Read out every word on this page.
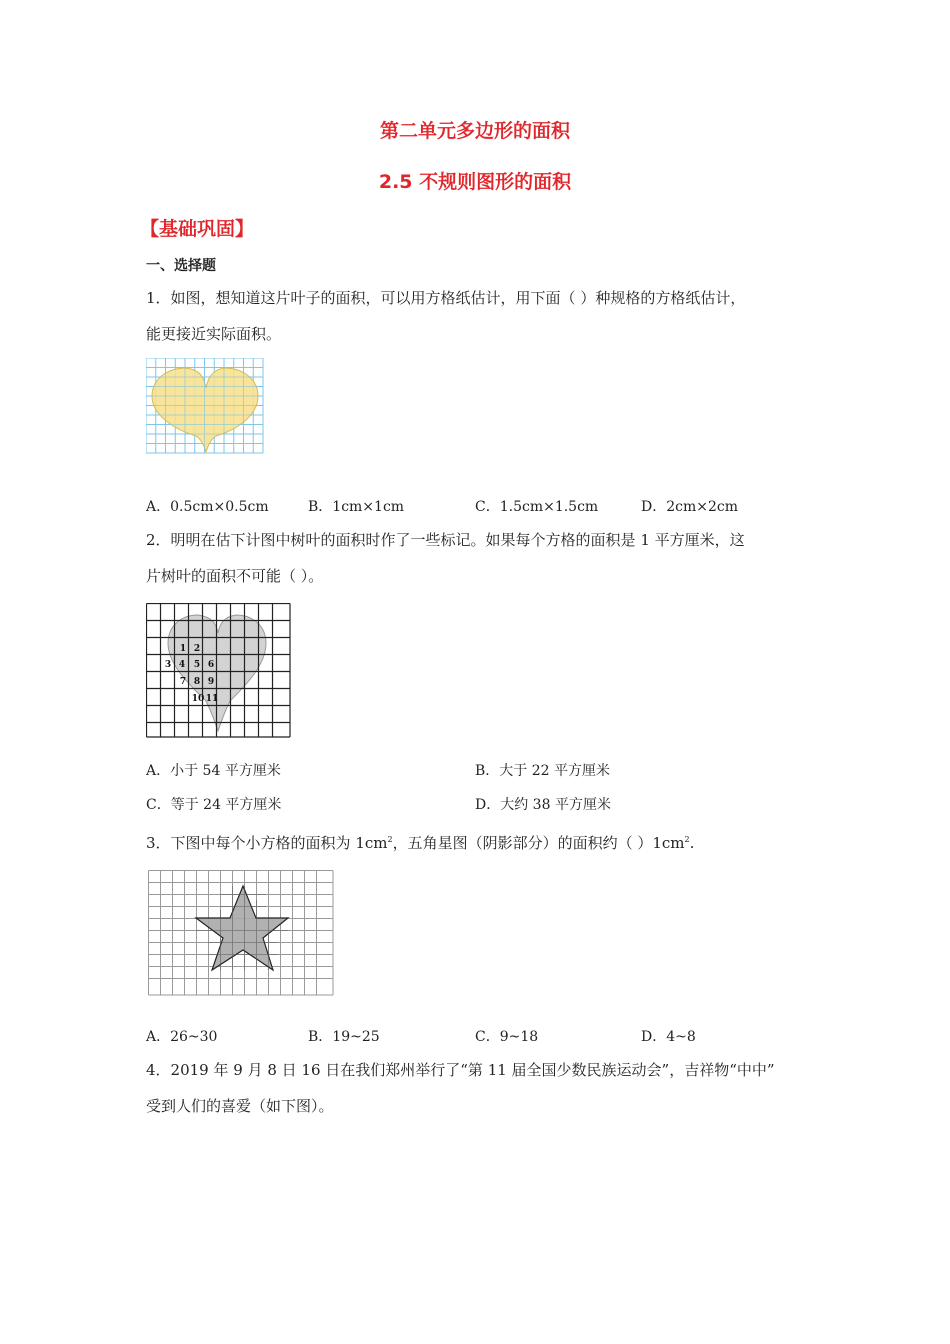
第二单元多边形的面积
2.5 不规则图形的面积
【基础巩固】
一、选择题
1．如图，想知道这片叶子的面积，可以用方格纸估计，用下面（ ）种规格的方格纸估计，
能更接近实际面积。
A．0.5cm×0.5cm	B．1cm×1cm	C．1.5cm×1.5cm	D．2cm×2cm
2．明明在估下计图中树叶的面积时作了一些标记。如果每个方格的面积是 1 平方厘米，这
片树叶的面积不可能（ ）。
1 2
3 4 5 6
7 8 9
10 11
A．小于 54 平方厘米	B．大于 22 平方厘米
C．等于 24 平方厘米	D．大约 38 平方厘米
3．下图中每个小方格的面积为 $1cm^2$，五角星图（阴影部分）的面积约（ ）$1cm^2$.
A．26~30	B．19~25	C．9~18	D．4~8
4．2019 年 9 月 8 日 16 日在我们郑州举行了“第 11 届全国少数民族运动会”，吉祥物“中中”
受到人们的喜爱（如下图）。
